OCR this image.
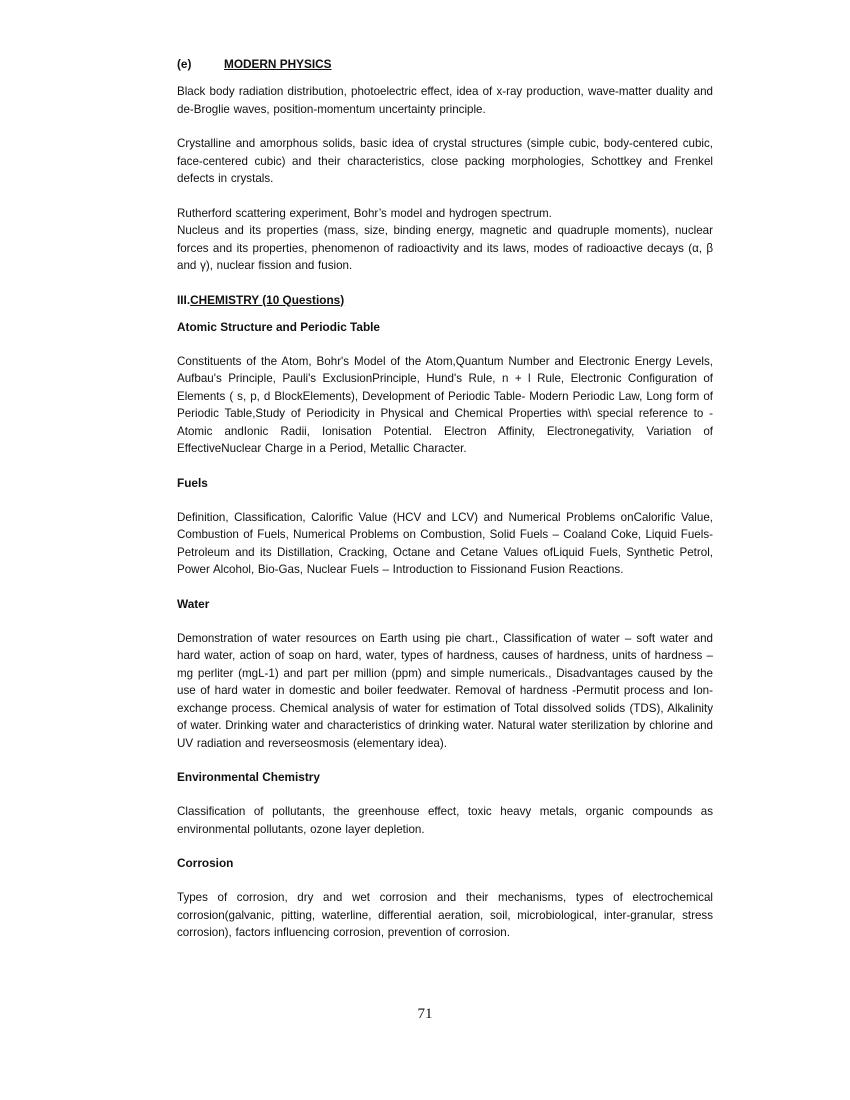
(e)	MODERN PHYSICS

Black body radiation distribution, photoelectric effect, idea of x-ray production, wave-matter duality and de-Broglie waves, position-momentum uncertainty principle.

Crystalline and amorphous solids, basic idea of crystal structures (simple cubic, body-centered cubic, face-centered cubic) and their characteristics, close packing morphologies, Schottkey and Frenkel defects in crystals.

Rutherford scattering experiment, Bohr’s model and hydrogen spectrum.

Nucleus and its properties (mass, size, binding energy, magnetic and quadruple moments), nuclear forces and its properties, phenomenon of radioactivity and its laws, modes of radioactive decays (α, β and γ), nuclear fission and fusion.

III.CHEMISTRY (10 Questions)
Atomic Structure and Periodic Table

Constituents of the Atom, Bohr's Model of the Atom,Quantum Number and Electronic Energy Levels, Aufbau's Principle, Pauli's ExclusionPrinciple, Hund's Rule, n + l Rule, Electronic Configuration of Elements ( s, p, d BlockElements), Development of Periodic Table- Modern Periodic Law, Long form of Periodic Table,Study of Periodicity in Physical and Chemical Properties with\ special reference to - Atomic andIonic Radii, Ionisation Potential. Electron Affinity, Electronegativity, Variation of EffectiveNuclear Charge in a Period, Metallic Character.

Fuels

Definition, Classification, Calorific Value (HCV and LCV) and Numerical Problems onCalorific Value, Combustion of Fuels, Numerical Problems on Combustion, Solid Fuels – Coaland Coke, Liquid Fuels- Petroleum and its Distillation, Cracking, Octane and Cetane Values ofLiquid Fuels, Synthetic Petrol, Power Alcohol, Bio-Gas, Nuclear Fuels – Introduction to Fissionand Fusion Reactions.

Water

Demonstration of water resources on Earth using pie chart., Classification of water – soft water and hard water, action of soap on hard, water, types of hardness, causes of hardness, units of hardness – mg perliter (mgL-1) and part per million (ppm) and simple numericals., Disadvantages caused by the use of hard water in domestic and boiler feedwater. Removal of hardness -Permutit process and Ion-exchange process. Chemical analysis of water for estimation of Total dissolved solids (TDS), Alkalinity of water. Drinking water and characteristics of drinking water. Natural water sterilization by chlorine and UV radiation and reverseosmosis (elementary idea).

Environmental Chemistry

Classification of pollutants, the greenhouse effect, toxic heavy metals, organic compounds as environmental pollutants, ozone layer depletion.

Corrosion

Types of corrosion, dry and wet corrosion and their mechanisms, types of electrochemical corrosion(galvanic, pitting, waterline, differential aeration, soil, microbiological, inter-granular, stress corrosion), factors influencing corrosion, prevention of corrosion.

71
